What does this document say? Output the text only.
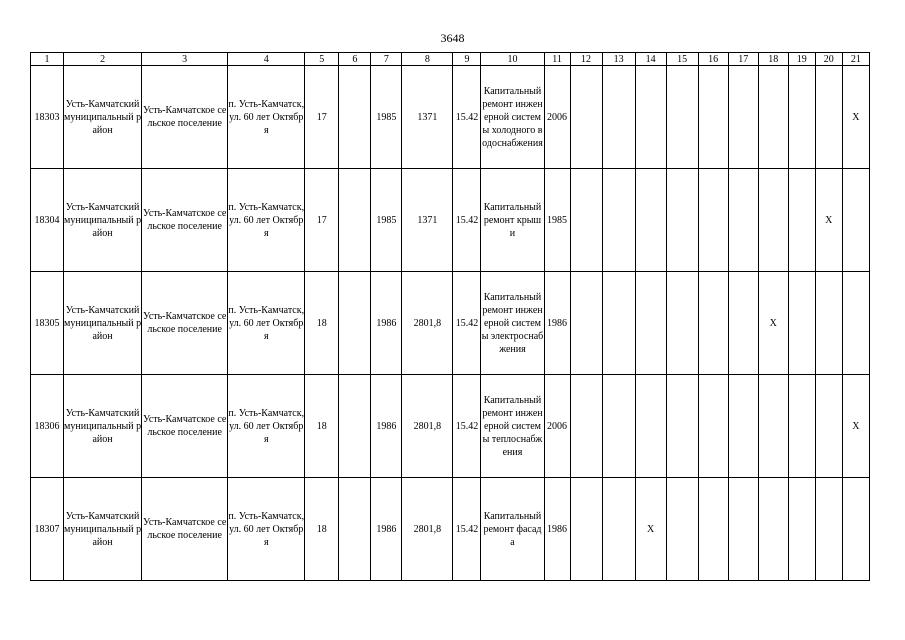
3648
1	2	3	4	5	6	7	8	9	10	11	12	13	14	15	16	17	18	19	20	21
18303	Усть-Камчатский муниципальный район	Усть-Камчатское сельское поселение	п. Усть-Камчатск, ул. 60 лет Октября	17		1985	1371	15.42	Капитальный ремонт инженерной системы холодного водоснабжения	2006										X
18304	Усть-Камчатский муниципальный район	Усть-Камчатское сельское поселение	п. Усть-Камчатск, ул. 60 лет Октября	17		1985	1371	15.42	Капитальный ремонт крыши	1985									X	
18305	Усть-Камчатский муниципальный район	Усть-Камчатское сельское поселение	п. Усть-Камчатск, ул. 60 лет Октября	18		1986	2801,8	15.42	Капитальный ремонт инженерной системы электроснабжения	1986							X			
18306	Усть-Камчатский муниципальный район	Усть-Камчатское сельское поселение	п. Усть-Камчатск, ул. 60 лет Октября	18		1986	2801,8	15.42	Капитальный ремонт инженерной системы теплоснабжения	2006										X
18307	Усть-Камчатский муниципальный район	Усть-Камчатское сельское поселение	п. Усть-Камчатск, ул. 60 лет Октября	18		1986	2801,8	15.42	Капитальный ремонт фасада	1986			X							
